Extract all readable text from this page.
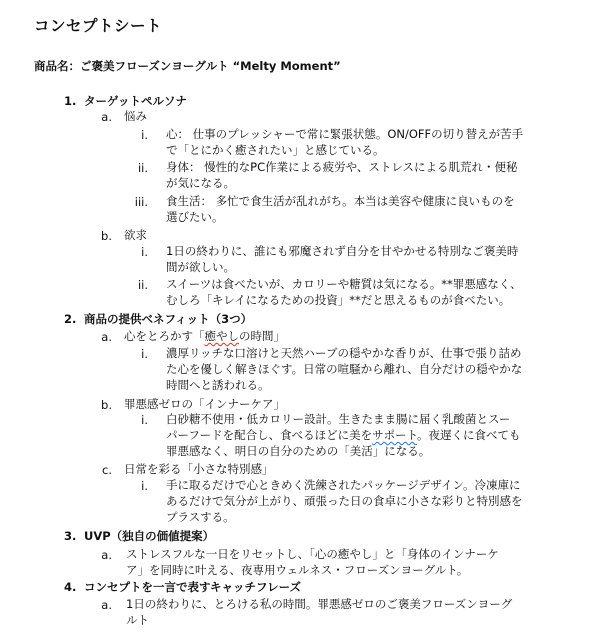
コンセプトシート
商品名：ご褒美フローズンヨーグルト “Melty Moment”
1. ターゲットペルソナ
a. 悩み
i. 心： 仕事のプレッシャーで常に緊張状態。ON/OFFの切り替えが苦手
で「とにかく癒されたい」と感じている。
ii. 身体： 慢性的なPC作業による疲労や、ストレスによる肌荒れ・便秘
が気になる。
iii. 食生活： 多忙で食生活が乱れがち。本当は美容や健康に良いものを
選びたい。
b. 欲求
i. 1日の終わりに、誰にも邪魔されず自分を甘やかせる特別なご褒美時
間が欲しい。
ii. スイーツは食べたいが、カロリーや糖質は気になる。**罪悪感なく、
むしろ「キレイになるための投資」**だと思えるものが食べたい。
2. 商品の提供ベネフィット（3つ）
a. 心をとろかす「癒やしの時間」
i. 濃厚リッチな口溶けと天然ハーブの穏やかな香りが、仕事で張り詰め
た心を優しく解きほぐす。日常の喧騒から離れ、自分だけの穏やかな
時間へと誘われる。
b. 罪悪感ゼロの「インナーケア」
i. 白砂糖不使用・低カロリー設計。生きたまま腸に届く乳酸菌とスー
パーフードを配合し、食べるほどに美をサポート。夜遅くに食べても
罪悪感なく、明日の自分のための「美活」になる。
c. 日常を彩る「小さな特別感」
i. 手に取るだけで心ときめく洗練されたパッケージデザイン。冷凍庫に
あるだけで気分が上がり、頑張った日の食卓に小さな彩りと特別感を
プラスする。
3. UVP（独自の価値提案）
a. ストレスフルな一日をリセットし、「心の癒やし」と「身体のインナーケ
ア」を同時に叶える、夜専用ウェルネス・フローズンヨーグルト。
4. コンセプトを一言で表すキャッチフレーズ
a. 1日の終わりに、とろける私の時間。罪悪感ゼロのご褒美フローズンヨーグ
ルト
